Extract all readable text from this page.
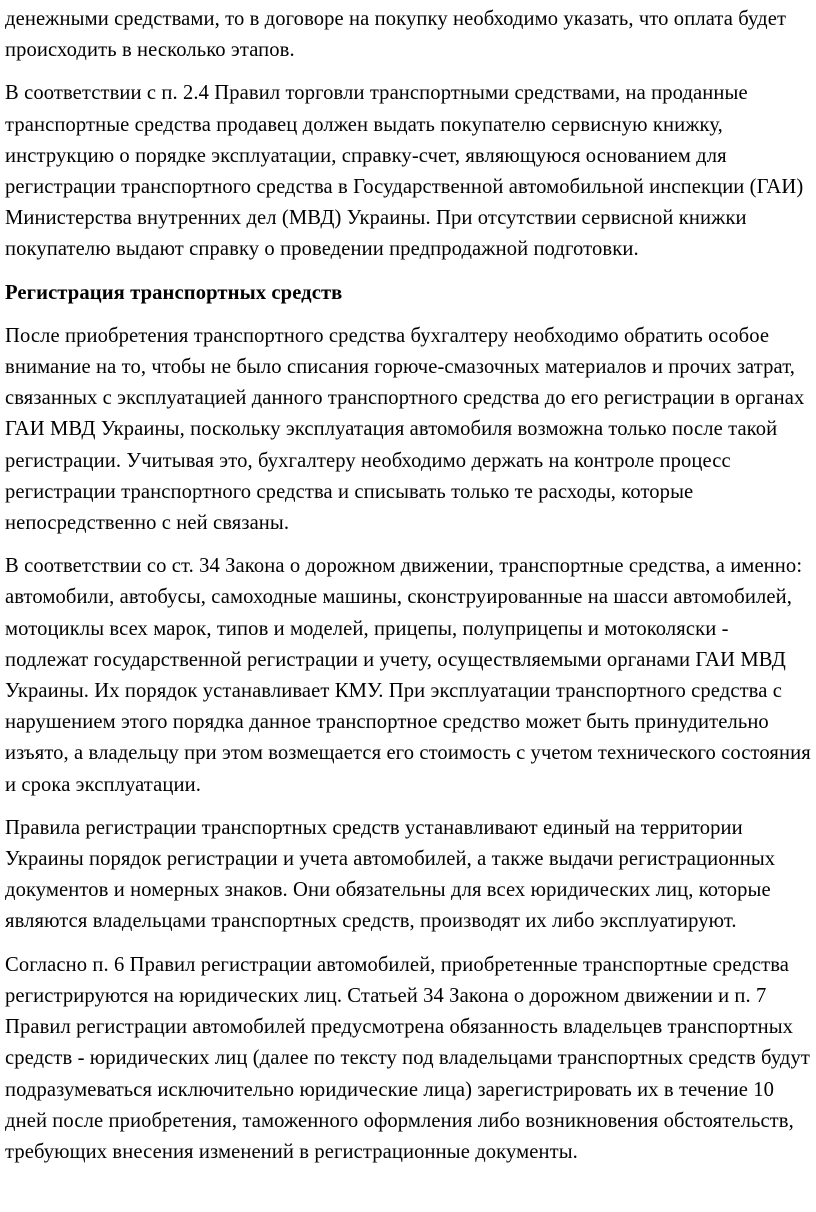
денежными средствами, то в договоре на покупку необходимо указать, что оплата будет происходить в несколько этапов.

В соответствии с п. 2.4 Правил торговли транспортными средствами, на проданные транспортные средства продавец должен выдать покупателю сервисную книжку, инструкцию о порядке эксплуатации, справку-счет, являющуюся основанием для регистрации транспортного средства в Государственной автомобильной инспекции (ГАИ) Министерства внутренних дел (МВД) Украины. При отсутствии сервисной книжки покупателю выдают справку о проведении предпродажной подготовки.

Регистрация транспортных средств

После приобретения транспортного средства бухгалтеру необходимо обратить особое внимание на то, чтобы не было списания горюче-смазочных материалов и прочих затрат, связанных с эксплуатацией данного транспортного средства до его регистрации в органах ГАИ МВД Украины, поскольку эксплуатация автомобиля возможна только после такой регистрации. Учитывая это, бухгалтеру необходимо держать на контроле процесс регистрации транспортного средства и списывать только те расходы, которые непосредственно с ней связаны.

В соответствии со ст. 34 Закона о дорожном движении, транспортные средства, а именно: автомобили, автобусы, самоходные машины, сконструированные на шасси автомобилей, мотоциклы всех марок, типов и моделей, прицепы, полуприцепы и мотоколяски - подлежат государственной регистрации и учету, осуществляемыми органами ГАИ МВД Украины. Их порядок устанавливает КМУ. При эксплуатации транспортного средства с нарушением этого порядка данное транспортное средство может быть принудительно изъято, а владельцу при этом возмещается его стоимость с учетом технического состояния и срока эксплуатации.

Правила регистрации транспортных средств устанавливают единый на территории Украины порядок регистрации и учета автомобилей, а также выдачи регистрационных документов и номерных знаков. Они обязательны для всех юридических лиц, которые являются владельцами транспортных средств, производят их либо эксплуатируют.

Согласно п. 6 Правил регистрации автомобилей, приобретенные транспортные средства регистрируются на юридических лиц. Статьей 34 Закона о дорожном движении и п. 7 Правил регистрации автомобилей предусмотрена обязанность владельцев транспортных средств - юридических лиц (далее по тексту под владельцами транспортных средств будут подразумеваться исключительно юридические лица) зарегистрировать их в течение 10 дней после приобретения, таможенного оформления либо возникновения обстоятельств, требующих внесения изменений в регистрационные документы.
